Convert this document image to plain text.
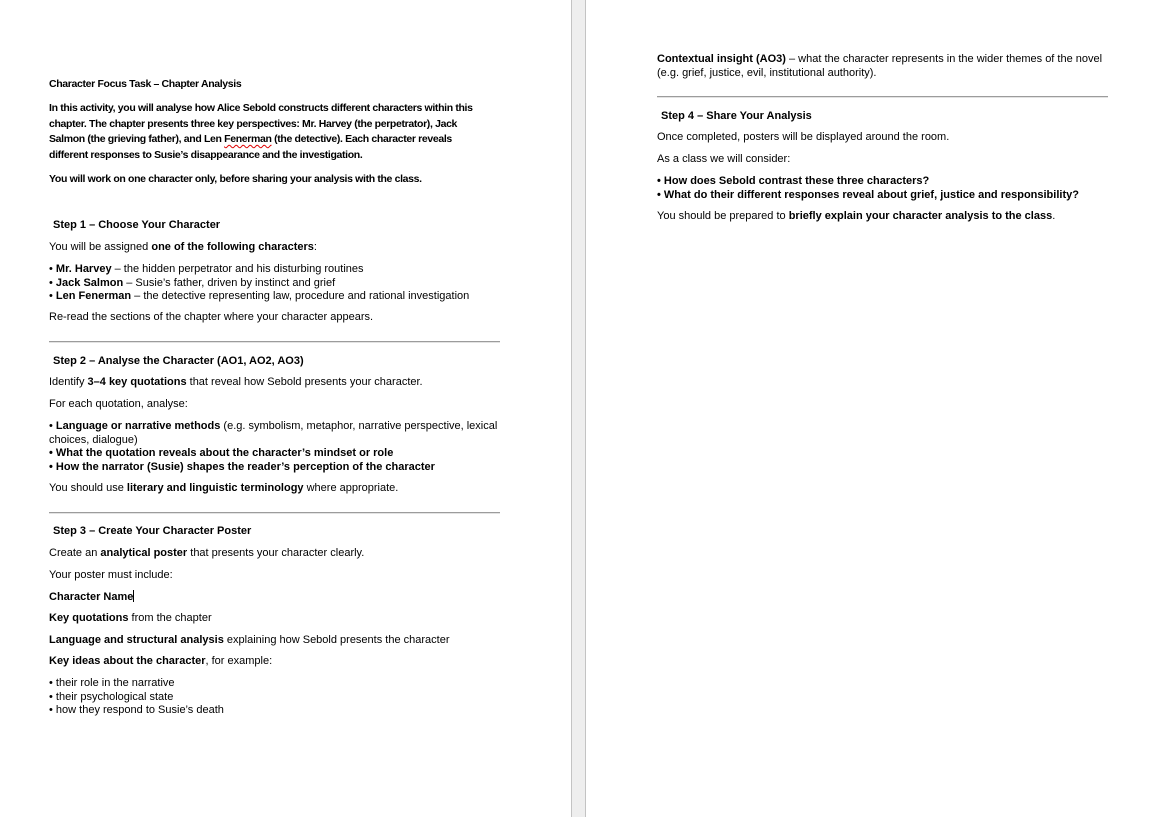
Character Focus Task – Chapter Analysis
In this activity, you will analyse how Alice Sebold constructs different characters within this
chapter. The chapter presents three key perspectives: Mr. Harvey (the perpetrator), Jack
Salmon (the grieving father), and Len Fenerman (the detective). Each character reveals
different responses to Susie’s disappearance and the investigation.
You will work on one character only, before sharing your analysis with the class.
Step 1 – Choose Your Character
You will be assigned one of the following characters:
• Mr. Harvey – the hidden perpetrator and his disturbing routines
• Jack Salmon – Susie’s father, driven by instinct and grief
• Len Fenerman – the detective representing law, procedure and rational investigation
Re-read the sections of the chapter where your character appears.
Step 2 – Analyse the Character (AO1, AO2, AO3)
Identify 3–4 key quotations that reveal how Sebold presents your character.
For each quotation, analyse:
• Language or narrative methods (e.g. symbolism, metaphor, narrative perspective, lexical
choices, dialogue)
• What the quotation reveals about the character’s mindset or role
• How the narrator (Susie) shapes the reader’s perception of the character
You should use literary and linguistic terminology where appropriate.
Step 3 – Create Your Character Poster
Create an analytical poster that presents your character clearly.
Your poster must include:
Character Name
Key quotations from the chapter
Language and structural analysis explaining how Sebold presents the character
Key ideas about the character, for example:
• their role in the narrative
• their psychological state
• how they respond to Susie’s death
Contextual insight (AO3) – what the character represents in the wider themes of the novel
(e.g. grief, justice, evil, institutional authority).
Step 4 – Share Your Analysis
Once completed, posters will be displayed around the room.
As a class we will consider:
• How does Sebold contrast these three characters?
• What do their different responses reveal about grief, justice and responsibility?
You should be prepared to briefly explain your character analysis to the class.
